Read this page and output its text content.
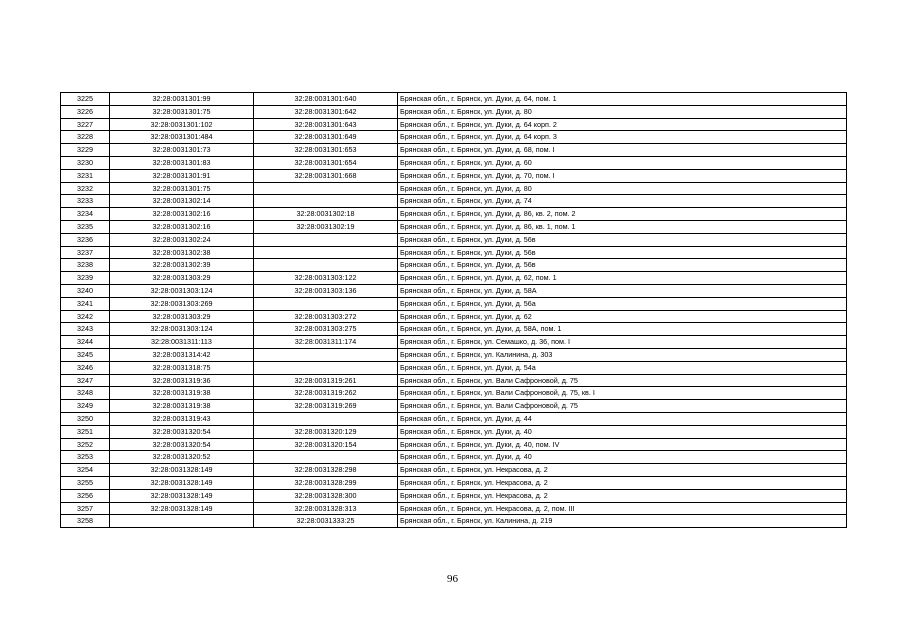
3225	32:28:0031301:99	32:28:0031301:640	Брянская обл., г. Брянск, ул. Дуки, д. 64, пом. 1
3226	32:28:0031301:75	32:28:0031301:642	Брянская обл., г. Брянск, ул. Дуки, д. 80
3227	32:28:0031301:102	32:28:0031301:643	Брянская обл., г. Брянск, ул. Дуки, д. 64 корп. 2
3228	32:28:0031301:484	32:28:0031301:649	Брянская обл., г. Брянск, ул. Дуки, д. 64 корп. 3
3229	32:28:0031301:73	32:28:0031301:653	Брянская обл., г. Брянск, ул. Дуки, д. 68, пом. I
3230	32:28:0031301:83	32:28:0031301:654	Брянская обл., г. Брянск, ул. Дуки, д. 60
3231	32:28:0031301:91	32:28:0031301:668	Брянская обл., г. Брянск, ул. Дуки, д. 70, пом. I
3232	32:28:0031301:75		Брянская обл., г. Брянск, ул. Дуки, д. 80
3233	32:28:0031302:14		Брянская обл., г. Брянск, ул. Дуки, д. 74
3234	32:28:0031302:16	32:28:0031302:18	Брянская обл., г. Брянск, ул. Дуки, д. 86, кв. 2, пом. 2
3235	32:28:0031302:16	32:28:0031302:19	Брянская обл., г. Брянск, ул. Дуки, д. 86, кв. 1, пом. 1
3236	32:28:0031302:24		Брянская обл., г. Брянск, ул. Дуки, д. 56в
3237	32:28:0031302:38		Брянская обл., г. Брянск, ул. Дуки, д. 56в
3238	32:28:0031302:39		Брянская обл., г. Брянск, ул. Дуки, д. 56в
3239	32:28:0031303:29	32:28:0031303:122	Брянская обл., г. Брянск, ул. Дуки, д. 62, пом. 1
3240	32:28:0031303:124	32:28:0031303:136	Брянская обл., г. Брянск, ул. Дуки, д. 58А
3241	32:28:0031303:269		Брянская обл., г. Брянск, ул. Дуки, д. 56а
3242	32:28:0031303:29	32:28:0031303:272	Брянская обл., г. Брянск, ул. Дуки, д. 62
3243	32:28:0031303:124	32:28:0031303:275	Брянская обл., г. Брянск, ул. Дуки, д. 58А, пом. 1
3244	32:28:0031311:113	32:28:0031311:174	Брянская обл., г. Брянск, ул. Семашко, д. 36, пом. I
3245	32:28:0031314:42		Брянская обл., г. Брянск, ул. Калинина, д. 303
3246	32:28:0031318:75		Брянская обл., г. Брянск, ул. Дуки, д. 54а
3247	32:28:0031319:36	32:28:0031319:261	Брянская обл., г. Брянск, ул. Вали Сафроновой, д. 75
3248	32:28:0031319:38	32:28:0031319:262	Брянская обл., г. Брянск, ул. Вали Сафроновой, д. 75, кв. I
3249	32:28:0031319:38	32:28:0031319:269	Брянская обл., г. Брянск, ул. Вали Сафроновой, д. 75
3250	32:28:0031319:43		Брянская обл., г. Брянск, ул. Дуки, д. 44
3251	32:28:0031320:54	32:28:0031320:129	Брянская обл., г. Брянск, ул. Дуки, д. 40
3252	32:28:0031320:54	32:28:0031320:154	Брянская обл., г. Брянск, ул. Дуки, д. 40, пом. IV
3253	32:28:0031320:52		Брянская обл., г. Брянск, ул. Дуки, д. 40
3254	32:28:0031328:149	32:28:0031328:298	Брянская обл., г. Брянск, ул. Некрасова, д. 2
3255	32:28:0031328:149	32:28:0031328:299	Брянская обл., г. Брянск, ул. Некрасова, д. 2
3256	32:28:0031328:149	32:28:0031328:300	Брянская обл., г. Брянск, ул. Некрасова, д. 2
3257	32:28:0031328:149	32:28:0031328:313	Брянская обл., г. Брянск, ул. Некрасова, д. 2, пом. III
3258		32:28:0031333:25	Брянская обл., г. Брянск, ул. Калинина, д. 219
96
